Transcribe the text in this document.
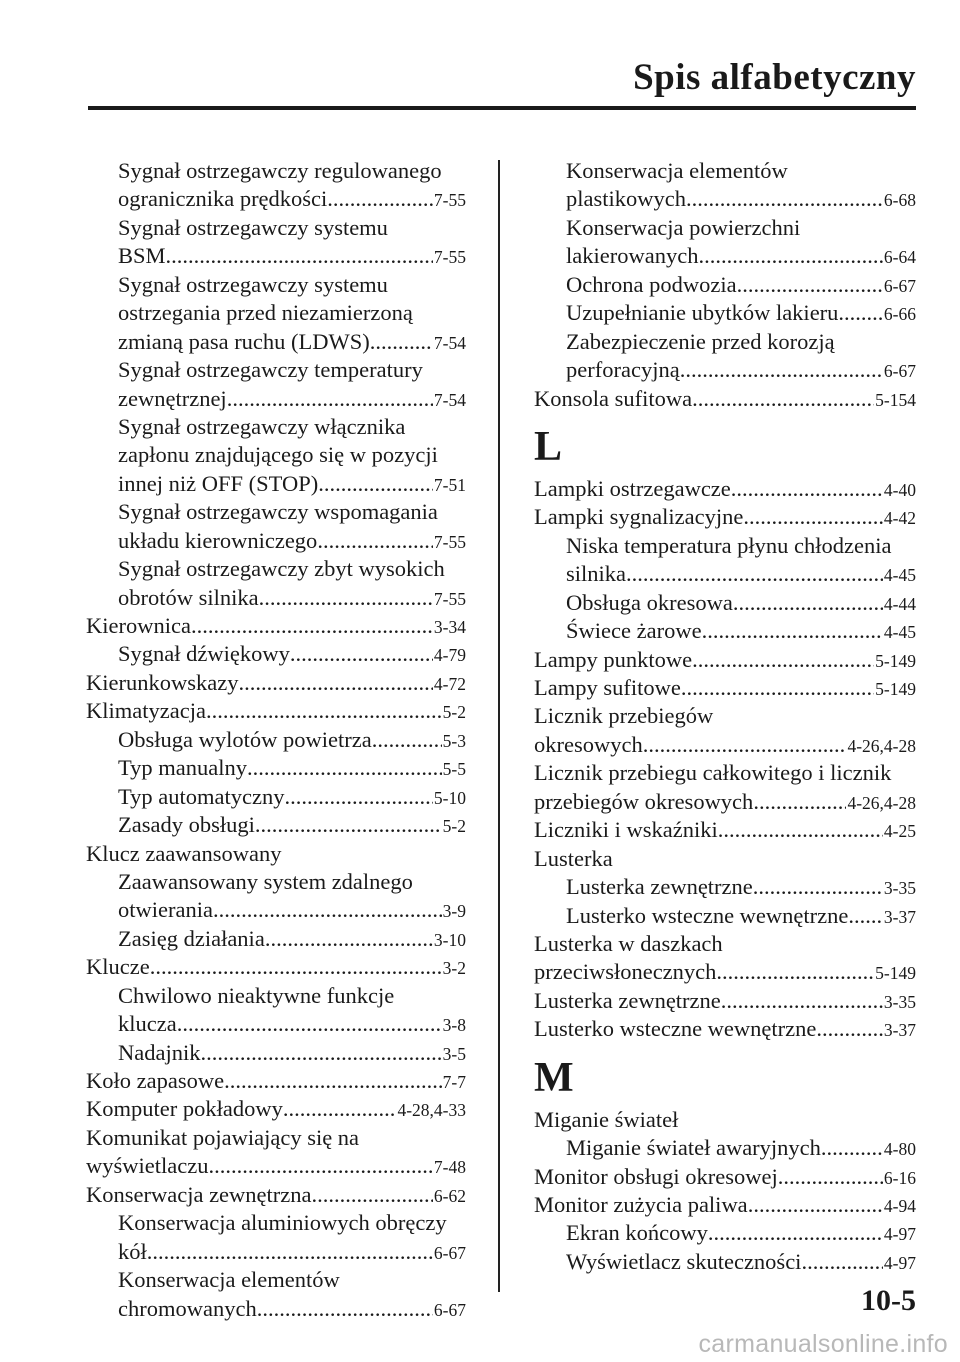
Spis alfabetyczny
Sygnał ostrzegawczy regulowanego
ogranicznika prędkości .....	7-55
Sygnał ostrzegawczy systemu
BSM .....	7-55
Sygnał ostrzegawczy systemu
ostrzegania przed niezamierzoną
zmianą pasa ruchu (LDWS) .....	7-54
Sygnał ostrzegawczy temperatury
zewnętrznej .....	7-54
Sygnał ostrzegawczy włącznika
zapłonu znajdującego się w pozycji
innej niż OFF (STOP) .....	7-51
Sygnał ostrzegawczy wspomagania
układu kierowniczego .....	7-55
Sygnał ostrzegawczy zbyt wysokich
obrotów silnika .....	7-55
Kierownica .....	3-34
Sygnał dźwiękowy .....	4-79
Kierunkowskazy .....	4-72
Klimatyzacja .....	5-2
Obsługa wylotów powietrza .....	5-3
Typ manualny .....	5-5
Typ automatyczny .....	5-10
Zasady obsługi .....	5-2
Klucz zaawansowany
Zaawansowany system zdalnego
otwierania .....	3-9
Zasięg działania .....	3-10
Klucze .....	3-2
Chwilowo nieaktywne funkcje
klucza .....	3-8
Nadajnik .....	3-5
Koło zapasowe .....	7-7
Komputer pokładowy .....	4-28,4-33
Komunikat pojawiający się na
wyświetlaczu .....	7-48
Konserwacja zewnętrzna .....	6-62
Konserwacja aluminiowych obręczy
kół .....	6-67
Konserwacja elementów
chromowanych .....	6-67
Konserwacja elementów
plastikowych .....	6-68
Konserwacja powierzchni
lakierowanych .....	6-64
Ochrona podwozia .....	6-67
Uzupełnianie ubytków lakieru .....	6-66
Zabezpieczenie przed korozją
perforacyjną .....	6-67
Konsola sufitowa .....	5-154
L
Lampki ostrzegawcze .....	4-40
Lampki sygnalizacyjne .....	4-42
Niska temperatura płynu chłodzenia
silnika .....	4-45
Obsługa okresowa .....	4-44
Świece żarowe .....	4-45
Lampy punktowe .....	5-149
Lampy sufitowe .....	5-149
Licznik przebiegów
okresowych .....	4-26,4-28
Licznik przebiegu całkowitego i licznik
przebiegów okresowych .....	4-26,4-28
Liczniki i wskaźniki .....	4-25
Lusterka
Lusterka zewnętrzne .....	3-35
Lusterko wsteczne wewnętrzne ..... 3-37
Lusterka w daszkach
przeciwsłonecznych .....	5-149
Lusterka zewnętrzne .....	3-35
Lusterko wsteczne wewnętrzne .....	3-37
M
Miganie świateł
Miganie świateł awaryjnych .....	4-80
Monitor obsługi okresowej .....	6-16
Monitor zużycia paliwa .....	4-94
Ekran końcowy .....	4-97
Wyświetlacz skuteczności .....	4-97
10-5
carmanualsonline.info
